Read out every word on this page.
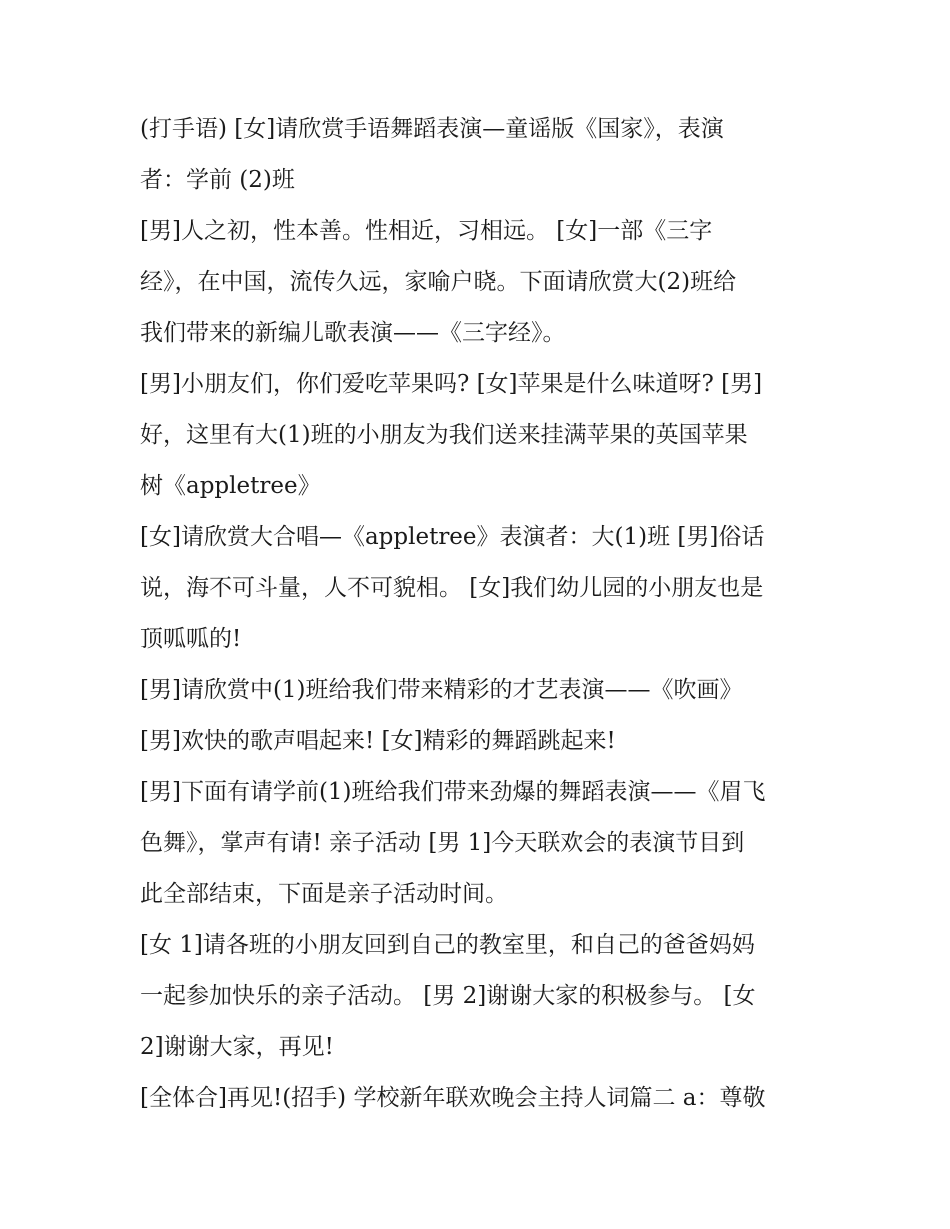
(打手语) [女]请欣赏手语舞蹈表演—童谣版《国家》，表演

者：学前 (2)班

[男]人之初，性本善。性相近，习相远。 [女]一部《三字

经》，在中国，流传久远，家喻户晓。下面请欣赏大(2)班给

我们带来的新编儿歌表演——《三字经》。

[男]小朋友们，你们爱吃苹果吗? [女]苹果是什么味道呀? [男]

好，这里有大(1)班的小朋友为我们送来挂满苹果的英国苹果

树《appletree》

[女]请欣赏大合唱—《appletree》表演者：大(1)班 [男]俗话

说，海不可斗量，人不可貌相。 [女]我们幼儿园的小朋友也是

顶呱呱的!

[男]请欣赏中(1)班给我们带来精彩的才艺表演——《吹画》

[男]欢快的歌声唱起来! [女]精彩的舞蹈跳起来!

[男]下面有请学前(1)班给我们带来劲爆的舞蹈表演——《眉飞

色舞》，掌声有请! 亲子活动 [男 1]今天联欢会的表演节目到

此全部结束，下面是亲子活动时间。

[女 1]请各班的小朋友回到自己的教室里，和自己的爸爸妈妈

一起参加快乐的亲子活动。 [男 2]谢谢大家的积极参与。 [女

2]谢谢大家，再见!

[全体合]再见!(招手) 学校新年联欢晚会主持人词篇二 a：尊敬
